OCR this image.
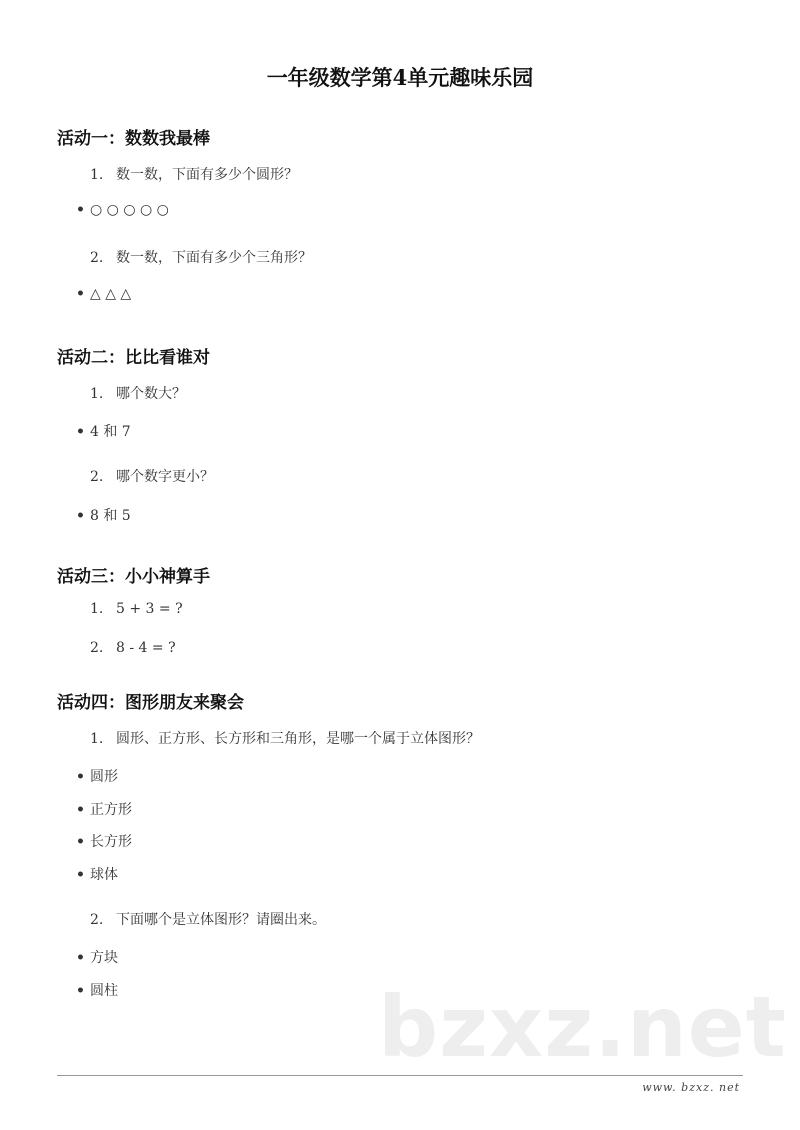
一年级数学第4单元趣味乐园
活动一：数数我最棒
1. 数一数，下面有多少个圆形？
• ○ ○ ○ ○ ○
2. 数一数，下面有多少个三角形？
• △ △ △
活动二：比比看谁对
1. 哪个数大？
• 4 和 7
2. 哪个数字更小？
• 8 和 5
活动三：小小神算手
1. 5 + 3 = ?
2. 8 - 4 = ?
活动四：图形朋友来聚会
1. 圆形、正方形、长方形和三角形，是哪一个属于立体图形？
• 圆形
• 正方形
• 长方形
• 球体
2. 下面哪个是立体图形？请圈出来。
• 方块
• 圆柱	bzxz.net
www. bzxz. net
